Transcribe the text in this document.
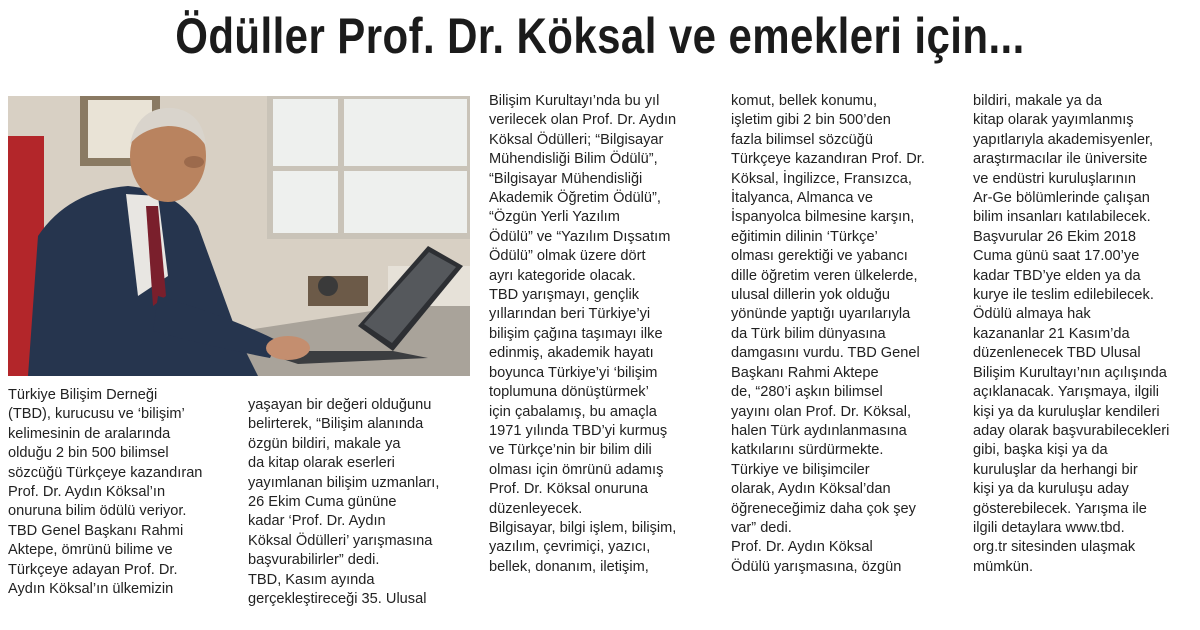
Ödüller Prof. Dr. Köksal ve emekleri için...
Türkiye Bilişim Derneği
(TBD), kurucusu ve ‘bilişim’
kelimesinin de aralarında
olduğu 2 bin 500 bilimsel
sözcüğü Türkçeye kazandıran
Prof. Dr. Aydın Köksal’ın
onuruna bilim ödülü veriyor.
TBD Genel Başkanı Rahmi
Aktepe, ömrünü bilime ve
Türkçeye adayan Prof. Dr.
Aydın Köksal’ın ülkemizin
yaşayan bir değeri olduğunu
belirterek, “Bilişim alanında
özgün bildiri, makale ya
da kitap olarak eserleri
yayımlanan bilişim uzmanları,
26 Ekim Cuma gününe
kadar ‘Prof. Dr. Aydın
Köksal Ödülleri’ yarışmasına
başvurabilirler” dedi.
TBD, Kasım ayında
gerçekleştireceği 35. Ulusal
Bilişim Kurultayı’nda bu yıl
verilecek olan Prof. Dr. Aydın
Köksal Ödülleri; “Bilgisayar
Mühendisliği Bilim Ödülü”,
“Bilgisayar Mühendisliği
Akademik Öğretim Ödülü”,
“Özgün Yerli Yazılım
Ödülü” ve “Yazılım Dışsatım
Ödülü” olmak üzere dört
ayrı kategoride olacak.
TBD yarışmayı, gençlik
yıllarından beri Türkiye’yi
bilişim çağına taşımayı ilke
edinmiş, akademik hayatı
boyunca Türkiye’yi ‘bilişim
toplumuna dönüştürmek’
için çabalamış, bu amaçla
1971 yılında TBD’yi kurmuş
ve Türkçe’nin bir bilim dili
olması için ömrünü adamış
Prof. Dr. Köksal onuruna
düzenleyecek.
Bilgisayar, bilgi işlem, bilişim,
yazılım, çevrimiçi, yazıcı,
bellek, donanım, iletişim,
komut, bellek konumu,
işletim gibi 2 bin 500’den
fazla bilimsel sözcüğü
Türkçeye kazandıran Prof. Dr.
Köksal, İngilizce, Fransızca,
İtalyanca, Almanca ve
İspanyolca bilmesine karşın,
eğitimin dilinin ‘Türkçe’
olması gerektiği ve yabancı
dille öğretim veren ülkelerde,
ulusal dillerin yok olduğu
yönünde yaptığı uyarılarıyla
da Türk bilim dünyasına
damgasını vurdu. TBD Genel
Başkanı Rahmi Aktepe
de, “280’i aşkın bilimsel
yayını olan Prof. Dr. Köksal,
halen Türk aydınlanmasına
katkılarını sürdürmekte.
Türkiye ve bilişimciler
olarak, Aydın Köksal’dan
öğreneceğimiz daha çok şey
var” dedi.
Prof. Dr. Aydın Köksal
Ödülü yarışmasına, özgün
bildiri, makale ya da
kitap olarak yayımlanmış
yapıtlarıyla akademisyenler,
araştırmacılar ile üniversite
ve endüstri kuruluşlarının
Ar-Ge bölümlerinde çalışan
bilim insanları katılabilecek.
Başvurular 26 Ekim 2018
Cuma günü saat 17.00’ye
kadar TBD’ye elden ya da
kurye ile teslim edilebilecek.
Ödülü almaya hak
kazananlar 21 Kasım’da
düzenlenecek TBD Ulusal
Bilişim Kurultayı’nın açılışında
açıklanacak. Yarışmaya, ilgili
kişi ya da kuruluşlar kendileri
aday olarak başvurabilecekleri
gibi, başka kişi ya da
kuruluşlar da herhangi bir
kişi ya da kuruluşu aday
gösterebilecek. Yarışma ile
ilgili detaylara www.tbd.
org.tr sitesinden ulaşmak
mümkün.
